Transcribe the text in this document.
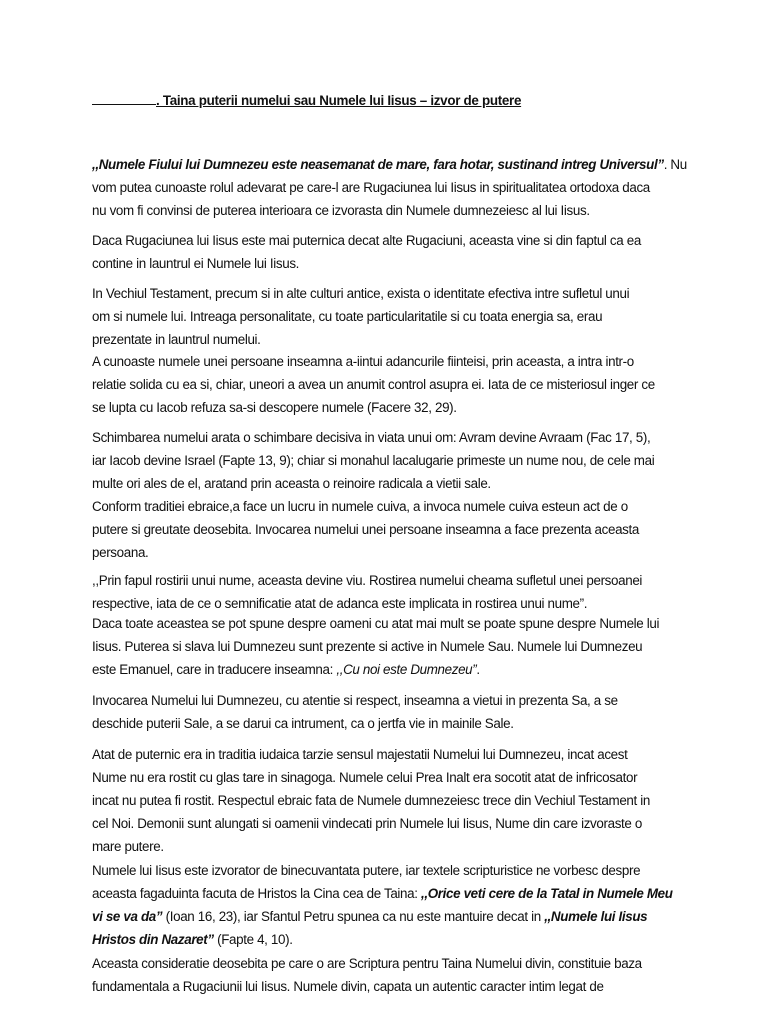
. Taina puterii numelui sau Numele lui Iisus – izvor de putere
,,Numele Fiului lui Dumnezeu este neasemanat de mare, fara hotar, sustinand intreg Universul”. Nu
vom putea cunoaste rolul adevarat pe care-l are Rugaciunea lui Iisus in spiritualitatea ortodoxa daca
nu vom fi convinsi de puterea interioara ce izvorasta din Numele dumnezeiesc al lui Iisus.
Daca Rugaciunea lui Iisus este mai puternica decat alte Rugaciuni, aceasta vine si din faptul ca ea
contine in launtrul ei Numele lui Iisus.
In Vechiul Testament, precum si in alte culturi antice, exista o identitate efectiva intre sufletul unui
om si numele lui. Intreaga personalitate, cu toate particularitatile si cu toata energia sa, erau
prezentate in launtrul numelui.
A cunoaste numele unei persoane inseamna a-iintui adancurile fiinteisi, prin aceasta, a intra intr-o
relatie solida cu ea si, chiar, uneori a avea un anumit control asupra ei. Iata de ce misteriosul inger ce
se lupta cu Iacob refuza sa-si descopere numele (Facere 32, 29).
Schimbarea numelui arata o schimbare decisiva in viata unui om: Avram devine Avraam (Fac 17, 5),
iar Iacob devine Israel (Fapte 13, 9); chiar si monahul lacalugarie primeste un nume nou, de cele mai
multe ori ales de el, aratand prin aceasta o reinoire radicala a vietii sale.
Conform traditiei ebraice,a face un lucru in numele cuiva, a invoca numele cuiva esteun act de o
putere si greutate deosebita. Invocarea numelui unei persoane inseamna a face prezenta aceasta
persoana.
,,Prin fapul rostirii unui nume, aceasta devine viu. Rostirea numelui cheama sufletul unei persoanei
respective, iata de ce o semnificatie atat de adanca este implicata in rostirea unui nume”.
Daca toate aceastea se pot spune despre oameni cu atat mai mult se poate spune despre Numele lui
Iisus. Puterea si slava lui Dumnezeu sunt prezente si active in Numele Sau. Numele lui Dumnezeu
este Emanuel, care in traducere inseamna: ,,Cu noi este Dumnezeu”.
Invocarea Numelui lui Dumnezeu, cu atentie si respect, inseamna a vietui in prezenta Sa, a se
deschide puterii Sale, a se darui ca intrument, ca o jertfa vie in mainile Sale.
Atat de puternic era in traditia iudaica tarzie sensul majestatii Numelui lui Dumnezeu, incat acest
Nume nu era rostit cu glas tare in sinagoga. Numele celui Prea Inalt era socotit atat de infricosator
incat nu putea fi rostit. Respectul ebraic fata de Numele dumnezeiesc trece din Vechiul Testament in
cel Noi. Demonii sunt alungati si oamenii vindecati prin Numele lui Iisus, Nume din care izvoraste o
mare putere.
Numele lui Iisus este izvorator de binecuvantata putere, iar textele scripturistice ne vorbesc despre
aceasta fagaduinta facuta de Hristos la Cina cea de Taina: ,,Orice veti cere de la Tatal in Numele Meu
vi se va da” (Ioan 16, 23), iar Sfantul Petru spunea ca nu este mantuire decat in ,,Numele lui Iisus
Hristos din Nazaret” (Fapte 4, 10).
Aceasta consideratie deosebita pe care o are Scriptura pentru Taina Numelui divin, constituie baza
fundamentala a Rugaciunii lui Iisus. Numele divin, capata un autentic caracter intim legat de
